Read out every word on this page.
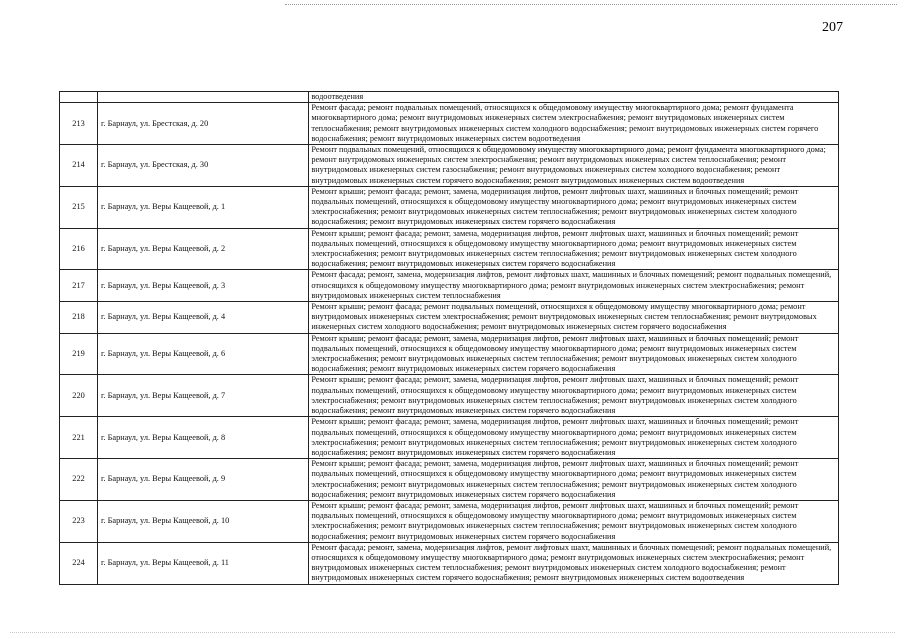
207
		водоотведения
213	г. Барнаул, ул. Брестская, д. 20	Ремонт фасада; ремонт подвальных помещений, относящихся к общедомовому имуществу многоквартирного дома; ремонт фундамента многоквартирного дома; ремонт внутридомовых инженерных систем электроснабжения; ремонт внутридомовых инженерных систем теплоснабжения; ремонт внутридомовых инженерных систем холодного водоснабжения; ремонт внутридомовых инженерных систем горячего водоснабжения; ремонт внутридомовых инженерных систем водоотведения
214	г. Барнаул, ул. Брестская, д. 30	Ремонт подвальных помещений, относящихся к общедомовому имуществу многоквартирного дома; ремонт фундамента многоквартирного дома; ремонт внутридомовых инженерных систем электроснабжения; ремонт внутридомовых инженерных систем теплоснабжения; ремонт внутридомовых инженерных систем газоснабжения; ремонт внутридомовых инженерных систем холодного водоснабжения; ремонт внутридомовых инженерных систем горячего водоснабжения; ремонт внутридомовых инженерных систем водоотведения
215	г. Барнаул, ул. Веры Кащеевой, д. 1	Ремонт крыши; ремонт фасада; ремонт, замена, модернизация лифтов, ремонт лифтовых шахт, машинных и блочных помещений; ремонт подвальных помещений, относящихся к общедомовому имуществу многоквартирного дома; ремонт внутридомовых инженерных систем электроснабжения; ремонт внутридомовых инженерных систем теплоснабжения; ремонт внутридомовых инженерных систем холодного водоснабжения; ремонт внутридомовых инженерных систем горячего водоснабжения
216	г. Барнаул, ул. Веры Кащеевой, д. 2	Ремонт крыши; ремонт фасада; ремонт, замена, модернизация лифтов, ремонт лифтовых шахт, машинных и блочных помещений; ремонт подвальных помещений, относящихся к общедомовому имуществу многоквартирного дома; ремонт внутридомовых инженерных систем электроснабжения; ремонт внутридомовых инженерных систем теплоснабжения; ремонт внутридомовых инженерных систем холодного водоснабжения; ремонт внутридомовых инженерных систем горячего водоснабжения
217	г. Барнаул, ул. Веры Кащеевой, д. 3	Ремонт фасада; ремонт, замена, модернизация лифтов, ремонт лифтовых шахт, машинных и блочных помещений; ремонт подвальных помещений, относящихся к общедомовому имуществу многоквартирного дома; ремонт внутридомовых инженерных систем электроснабжения; ремонт внутридомовых инженерных систем теплоснабжения
218	г. Барнаул, ул. Веры Кащеевой, д. 4	Ремонт крыши; ремонт фасада; ремонт подвальных помещений, относящихся к общедомовому имуществу многоквартирного дома; ремонт внутридомовых инженерных систем электроснабжения; ремонт внутридомовых инженерных систем теплоснабжения; ремонт внутридомовых инженерных систем холодного водоснабжения; ремонт внутридомовых инженерных систем горячего водоснабжения
219	г. Барнаул, ул. Веры Кащеевой, д. 6	Ремонт крыши; ремонт фасада; ремонт, замена, модернизация лифтов, ремонт лифтовых шахт, машинных и блочных помещений; ремонт подвальных помещений, относящихся к общедомовому имуществу многоквартирного дома; ремонт внутридомовых инженерных систем электроснабжения; ремонт внутридомовых инженерных систем теплоснабжения; ремонт внутридомовых инженерных систем холодного водоснабжения; ремонт внутридомовых инженерных систем горячего водоснабжения
220	г. Барнаул, ул. Веры Кащеевой, д. 7	Ремонт крыши; ремонт фасада; ремонт, замена, модернизация лифтов, ремонт лифтовых шахт, машинных и блочных помещений; ремонт подвальных помещений, относящихся к общедомовому имуществу многоквартирного дома; ремонт внутридомовых инженерных систем электроснабжения; ремонт внутридомовых инженерных систем теплоснабжения; ремонт внутридомовых инженерных систем холодного водоснабжения; ремонт внутридомовых инженерных систем горячего водоснабжения
221	г. Барнаул, ул. Веры Кащеевой, д. 8	Ремонт крыши; ремонт фасада; ремонт, замена, модернизация лифтов, ремонт лифтовых шахт, машинных и блочных помещений; ремонт подвальных помещений, относящихся к общедомовому имуществу многоквартирного дома; ремонт внутридомовых инженерных систем электроснабжения; ремонт внутридомовых инженерных систем теплоснабжения; ремонт внутридомовых инженерных систем холодного водоснабжения; ремонт внутридомовых инженерных систем горячего водоснабжения
222	г. Барнаул, ул. Веры Кащеевой, д. 9	Ремонт крыши; ремонт фасада; ремонт, замена, модернизация лифтов, ремонт лифтовых шахт, машинных и блочных помещений; ремонт подвальных помещений, относящихся к общедомовому имуществу многоквартирного дома; ремонт внутридомовых инженерных систем электроснабжения; ремонт внутридомовых инженерных систем теплоснабжения; ремонт внутридомовых инженерных систем холодного водоснабжения; ремонт внутридомовых инженерных систем горячего водоснабжения
223	г. Барнаул, ул. Веры Кащеевой, д. 10	Ремонт крыши; ремонт фасада; ремонт, замена, модернизация лифтов, ремонт лифтовых шахт, машинных и блочных помещений; ремонт подвальных помещений, относящихся к общедомовому имуществу многоквартирного дома; ремонт внутридомовых инженерных систем электроснабжения; ремонт внутридомовых инженерных систем теплоснабжения; ремонт внутридомовых инженерных систем холодного водоснабжения; ремонт внутридомовых инженерных систем горячего водоснабжения
224	г. Барнаул, ул. Веры Кащеевой, д. 11	Ремонт фасада; ремонт, замена, модернизация лифтов, ремонт лифтовых шахт, машинных и блочных помещений; ремонт подвальных помещений, относящихся к общедомовому имуществу многоквартирного дома; ремонт внутридомовых инженерных систем электроснабжения; ремонт внутридомовых инженерных систем теплоснабжения; ремонт внутридомовых инженерных систем холодного водоснабжения; ремонт внутридомовых инженерных систем горячего водоснабжения; ремонт внутридомовых инженерных систем водоотведения
